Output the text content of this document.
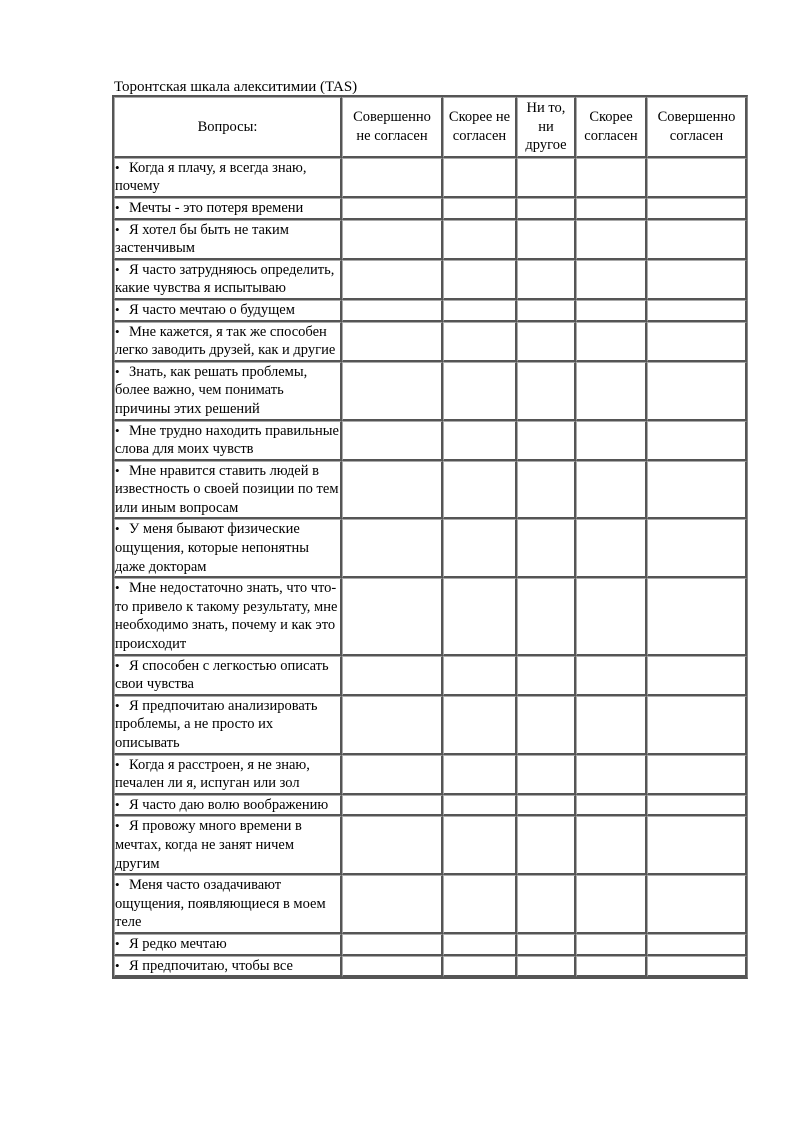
Торонтская шкала алекситимии (TAS)
Вопросы:	Совершенно не согласен	Скорее не согласен	Ни то, ни другое	Скорее согласен	Совершенно согласен
• Когда я плачу, я всегда знаю, почему					
• Мечты - это потеря времени					
• Я хотел бы быть не таким застенчивым					
• Я часто затрудняюсь определить, какие чувства я испытываю					
• Я часто мечтаю о будущем					
• Мне кажется, я так же способен легко заводить друзей, как и другие					
• Знать, как решать проблемы, более важно, чем понимать причины этих решений					
• Мне трудно находить правильные слова для моих чувств					
• Мне нравится ставить людей в известность о своей позиции по тем или иным вопросам					
• У меня бывают физические ощущения, которые непонятны даже докторам					
• Мне недостаточно знать, что что-то привело к такому результату, мне необходимо знать, почему и как это происходит					
• Я способен с легкостью описать свои чувства					
• Я предпочитаю анализировать проблемы, а не просто их описывать					
• Когда я расстроен, я не знаю, печален ли я, испуган или зол					
• Я часто даю волю воображению					
• Я провожу много времени в мечтах, когда не занят ничем другим					
• Меня часто озадачивают ощущения, появляющиеся в моем теле					
• Я редко мечтаю					
• Я предпочитаю, чтобы все					
